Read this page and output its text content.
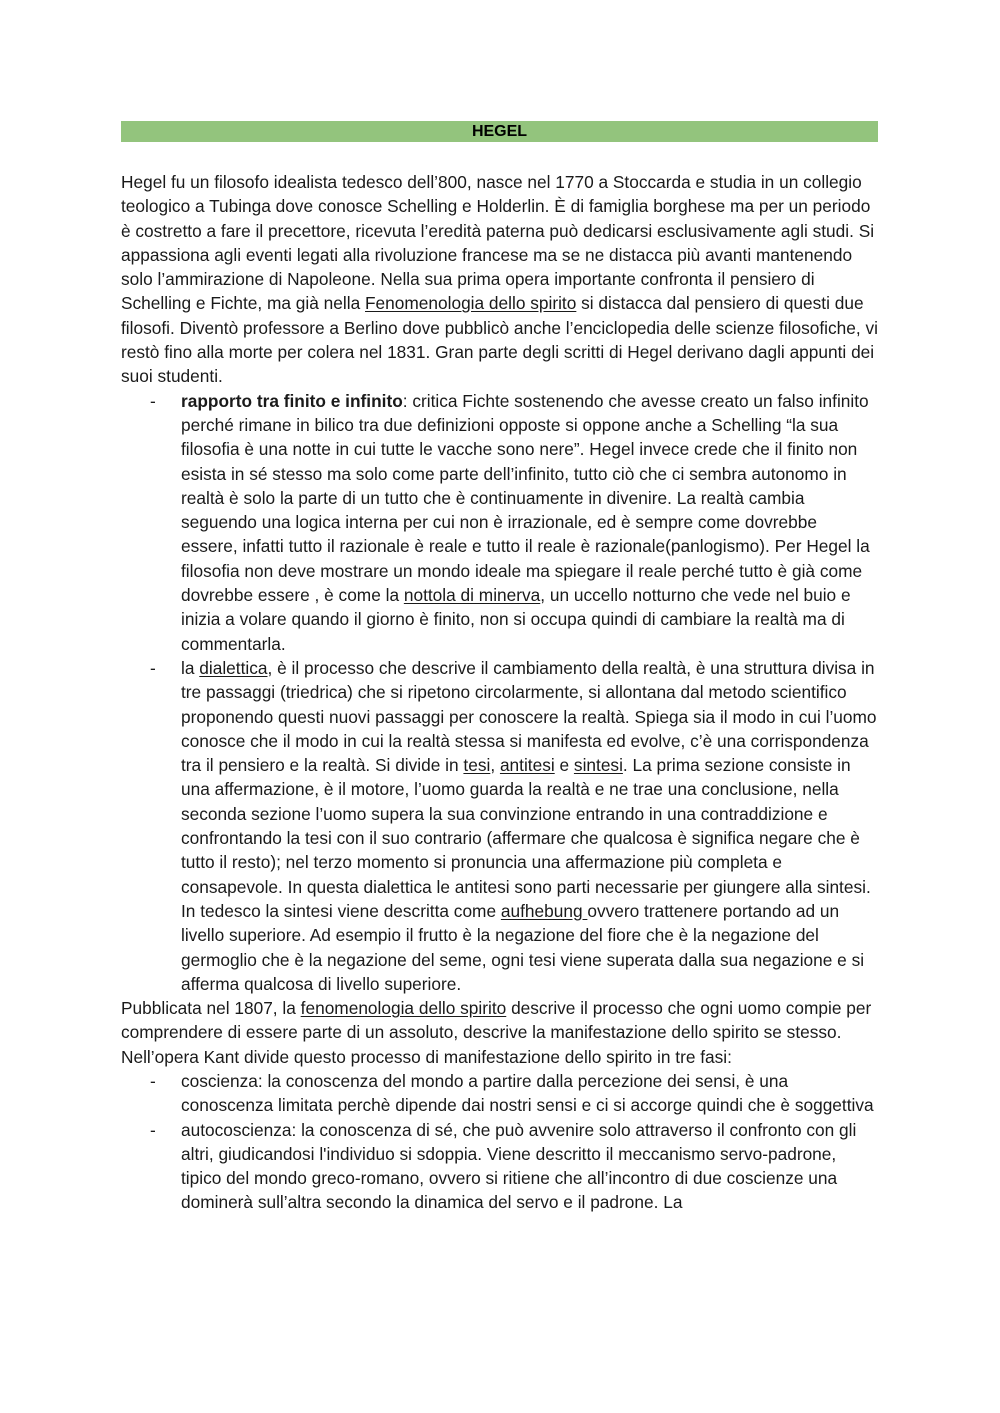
HEGEL

Hegel fu un filosofo idealista tedesco dell’800, nasce nel 1770 a Stoccarda e studia in un collegio teologico a Tubinga dove conosce Schelling e Holderlin. È di famiglia borghese ma per un periodo è costretto a fare il precettore, ricevuta l’eredità paterna può dedicarsi esclusivamente agli studi. Si appassiona agli eventi legati alla rivoluzione francese ma se ne distacca più avanti mantenendo solo l’ammirazione di Napoleone. Nella sua prima opera importante confronta il pensiero di Schelling e Fichte, ma già nella Fenomenologia dello spirito si distacca dal pensiero di questi due filosofi. Diventò professore a Berlino dove pubblicò anche l’enciclopedia delle scienze filosofiche, vi restò fino alla morte per colera nel 1831. Gran parte degli scritti di Hegel derivano dagli appunti dei suoi studenti.

- rapporto tra finito e infinito: critica Fichte sostenendo che avesse creato un falso infinito perché rimane in bilico tra due definizioni opposte si oppone anche a Schelling “la sua filosofia è una notte in cui tutte le vacche sono nere”. Hegel invece crede che il finito non esista in sé stesso ma solo come parte dell’infinito, tutto ciò che ci sembra autonomo in realtà è solo la parte di un tutto che è continuamente in divenire. La realtà cambia seguendo una logica interna per cui non è irrazionale, ed è sempre come dovrebbe essere, infatti tutto il razionale è reale e tutto il reale è razionale(panlogismo). Per Hegel la filosofia non deve mostrare un mondo ideale ma spiegare il reale perché tutto è già come dovrebbe essere , è come la nottola di minerva, un uccello notturno che vede nel buio e inizia a volare quando il giorno è finito, non si occupa quindi di cambiare la realtà ma di commentarla.
- la dialettica, è il processo che descrive il cambiamento della realtà, è una struttura divisa in tre passaggi (triedrica) che si ripetono circolarmente, si allontana dal metodo scientifico proponendo questi nuovi passaggi per conoscere la realtà. Spiega sia il modo in cui l’uomo conosce che il modo in cui la realtà stessa si manifesta ed evolve, c’è una corrispondenza tra il pensiero e la realtà. Si divide in tesi, antitesi e sintesi. La prima sezione consiste in una affermazione, è il motore, l’uomo guarda la realtà e ne trae una conclusione, nella seconda sezione l’uomo supera la sua convinzione entrando in una contraddizione e confrontando la tesi con il suo contrario (affermare che qualcosa è significa negare che è tutto il resto); nel terzo momento si pronuncia una affermazione più completa e consapevole. In questa dialettica le antitesi sono parti necessarie per giungere alla sintesi. In tedesco la sintesi viene descritta come aufhebung ovvero trattenere portando ad un livello superiore. Ad esempio il frutto è la negazione del fiore che è la negazione del germoglio che è la negazione del seme, ogni tesi viene superata dalla sua negazione e si afferma qualcosa di livello superiore.

Pubblicata nel 1807, la fenomenologia dello spirito descrive il processo che ogni uomo compie per comprendere di essere parte di un assoluto, descrive la manifestazione dello spirito se stesso. Nell’opera Kant divide questo processo di manifestazione dello spirito in tre fasi:

- coscienza: la conoscenza del mondo a partire dalla percezione dei sensi, è una conoscenza limitata perchè dipende dai nostri sensi e ci si accorge quindi che è soggettiva
- autocoscienza: la conoscenza di sé, che può avvenire solo attraverso il confronto con gli altri, giudicandosi l'individuo si sdoppia. Viene descritto il meccanismo servo-padrone, tipico del mondo greco-romano, ovvero si ritiene che all’incontro di due coscienze una dominerà sull’altra secondo la dinamica del servo e il padrone. La
